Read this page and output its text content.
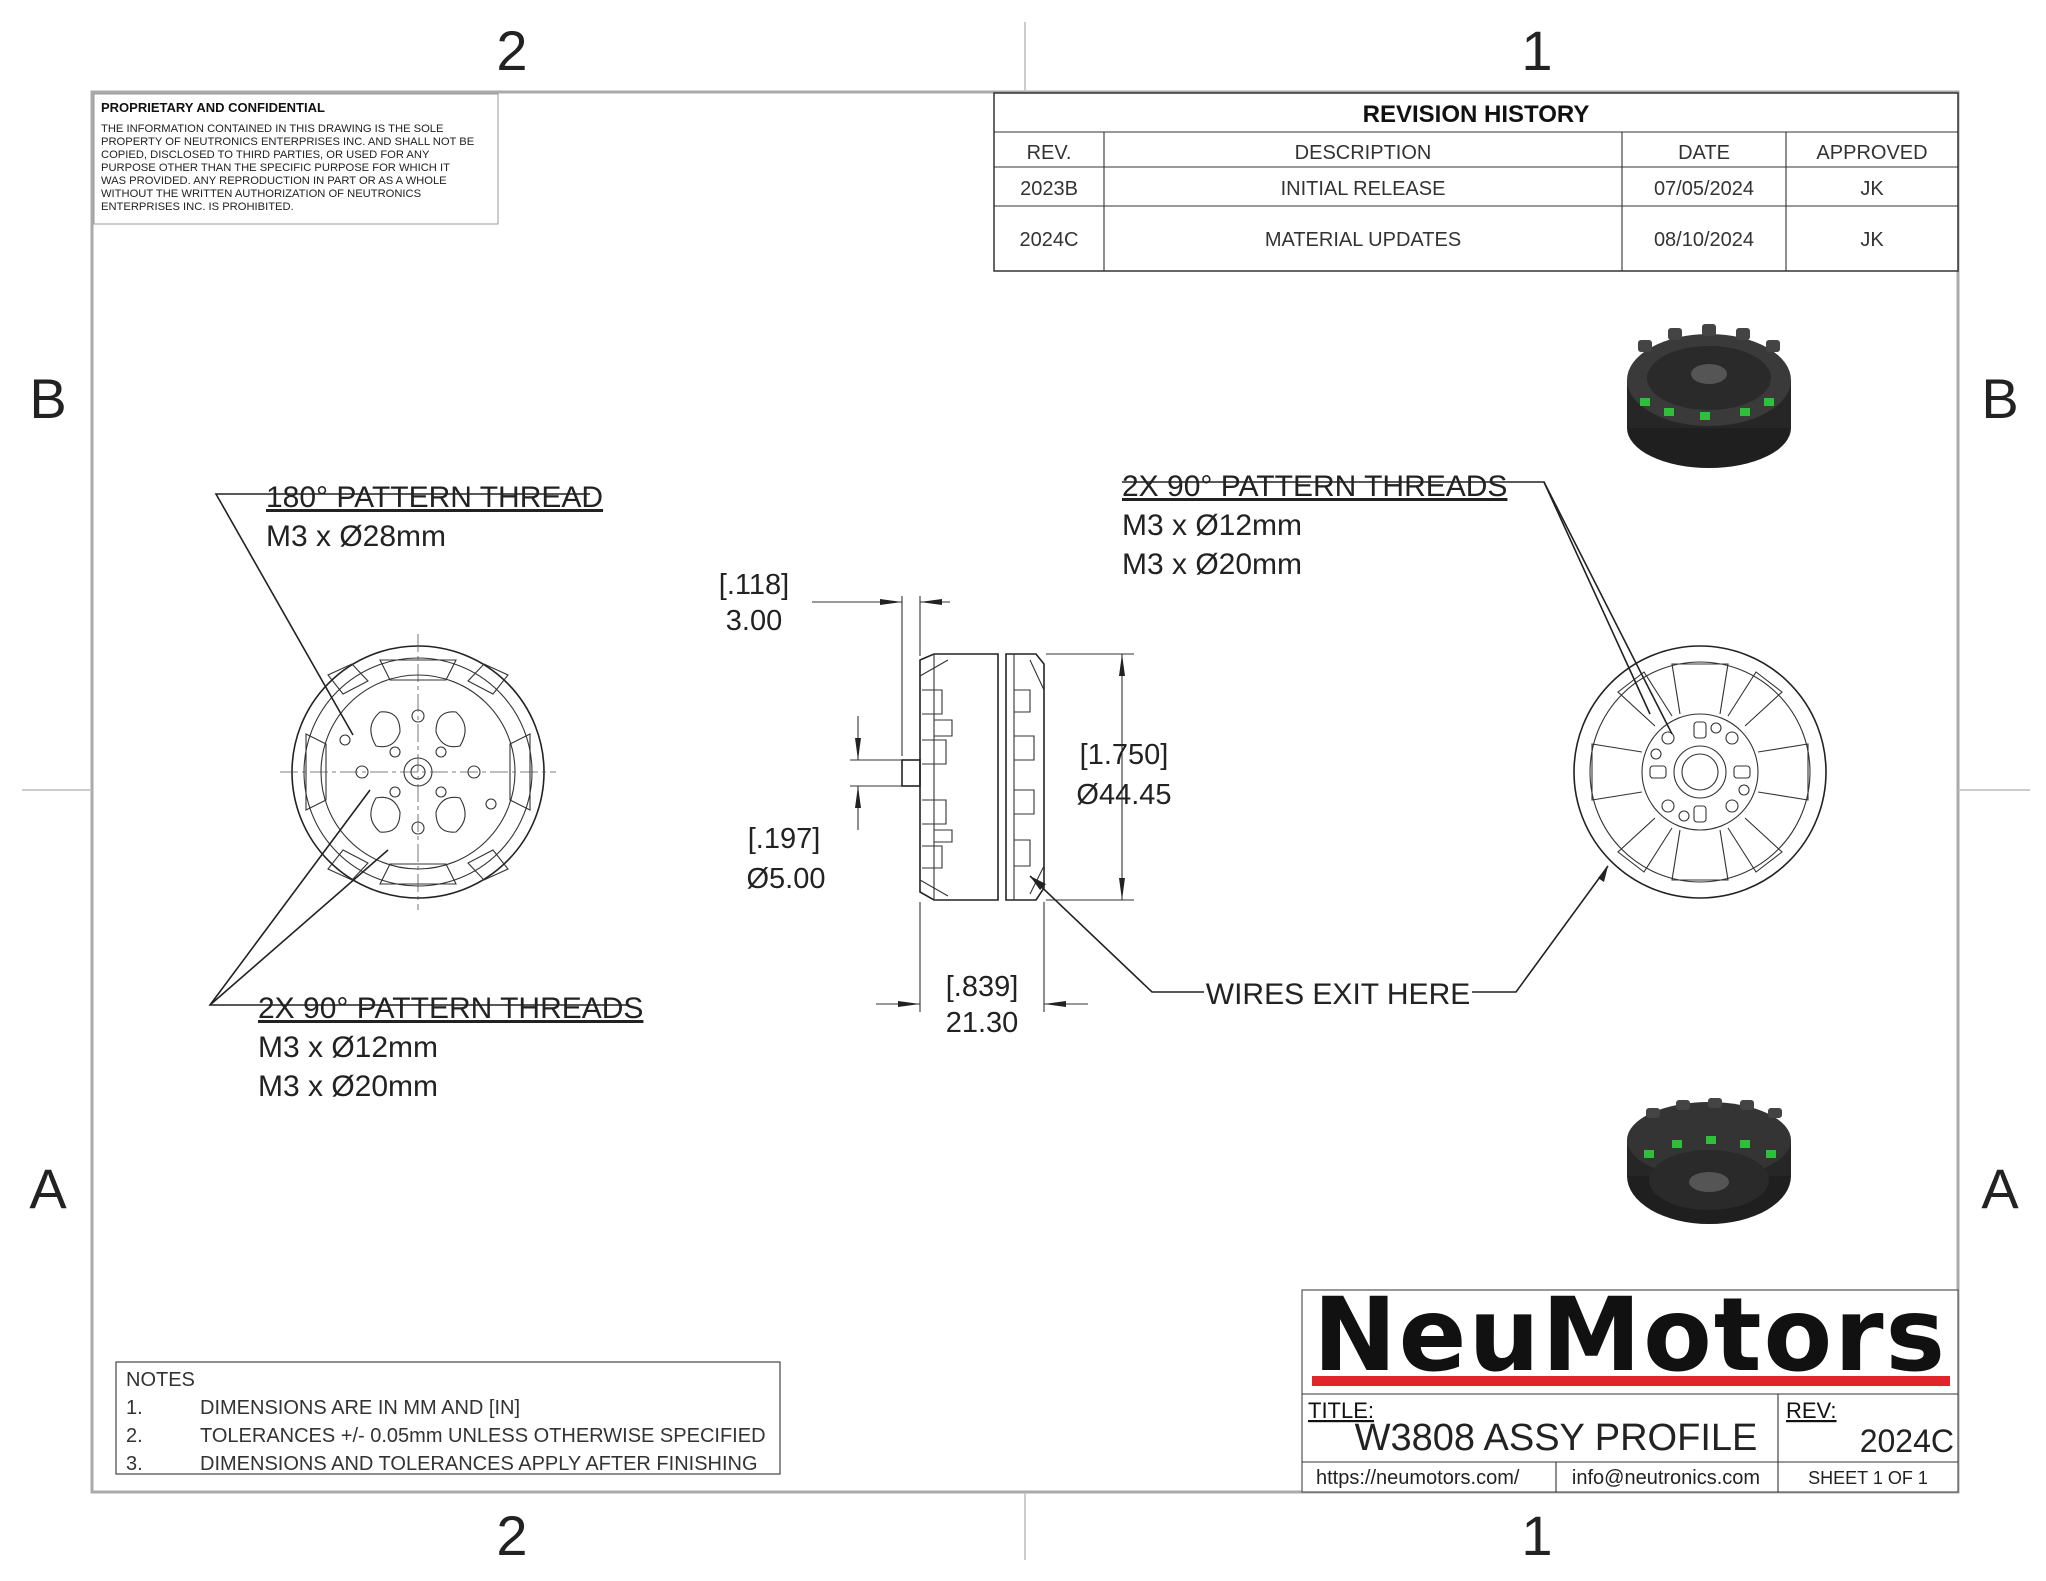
2	1
2	1
B
A
B
A
PROPRIETARY AND CONFIDENTIAL
THE INFORMATION CONTAINED IN THIS DRAWING IS THE SOLE
PROPERTY OF NEUTRONICS ENTERPRISES INC. AND SHALL NOT BE
COPIED, DISCLOSED TO THIRD PARTIES, OR USED FOR ANY
PURPOSE OTHER THAN THE SPECIFIC PURPOSE FOR WHICH IT
WAS PROVIDED. ANY REPRODUCTION IN PART OR AS A WHOLE
WITHOUT THE WRITTEN AUTHORIZATION OF NEUTRONICS
ENTERPRISES INC. IS PROHIBITED.
REVISION HISTORY
REV.	DESCRIPTION	DATE	APPROVED
2023B	INITIAL RELEASE	07/05/2024	JK
2024C	MATERIAL UPDATES	08/10/2024	JK
180° PATTERN THREAD
M3 x Ø28mm
2X 90° PATTERN THREADS
M3 x Ø12mm
M3 x Ø20mm
[.118]
3.00
[.197]
Ø5.00
[1.750]
Ø44.45
[.839]
21.30
WIRES EXIT HERE
2X 90° PATTERN THREADS
M3 x Ø12mm
M3 x Ø20mm
NOTES
1.	DIMENSIONS ARE IN MM AND [IN]
2.	TOLERANCES +/- 0.05mm UNLESS OTHERWISE SPECIFIED
3.	DIMENSIONS AND TOLERANCES APPLY AFTER FINISHING
NeuMotors
TITLE:
W3808 ASSY PROFILE
REV:
2024C
https://neumotors.com/	info@neutronics.com	SHEET 1 OF 1
